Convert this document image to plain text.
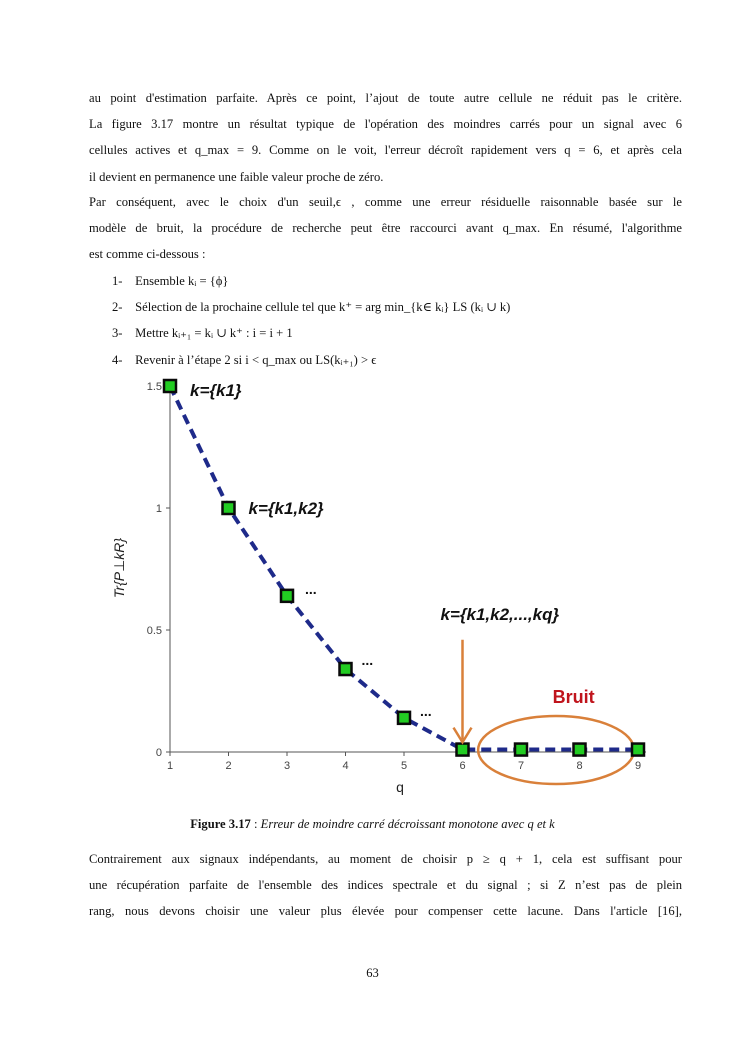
au point d'estimation parfaite. Après ce point, l’ajout de toute autre cellule ne réduit pas le critère.
La figure 3.17 montre un résultat typique de l'opération des moindres carrés pour un signal avec 6
cellules actives et q_max = 9. Comme on le voit, l'erreur décroît rapidement vers q = 6, et après cela
il devient en permanence une faible valeur proche de zéro.
Par conséquent, avec le choix d'un seuil,ϵ , comme une erreur résiduelle raisonnable basée sur le
modèle de bruit, la procédure de recherche peut être raccourci avant q_max. En résumé, l'algorithme
est comme ci-dessous :
1- Ensemble kᵢ = {ϕ}
2- Sélection de la prochaine cellule tel que k⁺ = arg min_{k∈ kᵢ} LS (kᵢ ∪ k)
3- Mettre kᵢ₊₁ = kᵢ ∪ k⁺ : i = i + 1
4- Revenir à l’étape 2 si i < q_max ou LS(kᵢ₊₁) > ϵ
0
0.5
1
1.5
1	2	3	4	5	6	7	8	9
q
Tr{P⊥kR}
k={k1}
k={k1,k2}
...
...
...
k={k1,k2,...,kq}
Bruit
Figure 3.17 : Erreur de moindre carré décroissant monotone avec q et k
Contrairement aux signaux indépendants, au moment de choisir p ≥ q + 1, cela est suffisant pour
une récupération parfaite de l'ensemble des indices spectrale et du signal ; si Z n’est pas de plein
rang, nous devons choisir une valeur plus élevée pour compenser cette lacune. Dans l'article [16],
63
